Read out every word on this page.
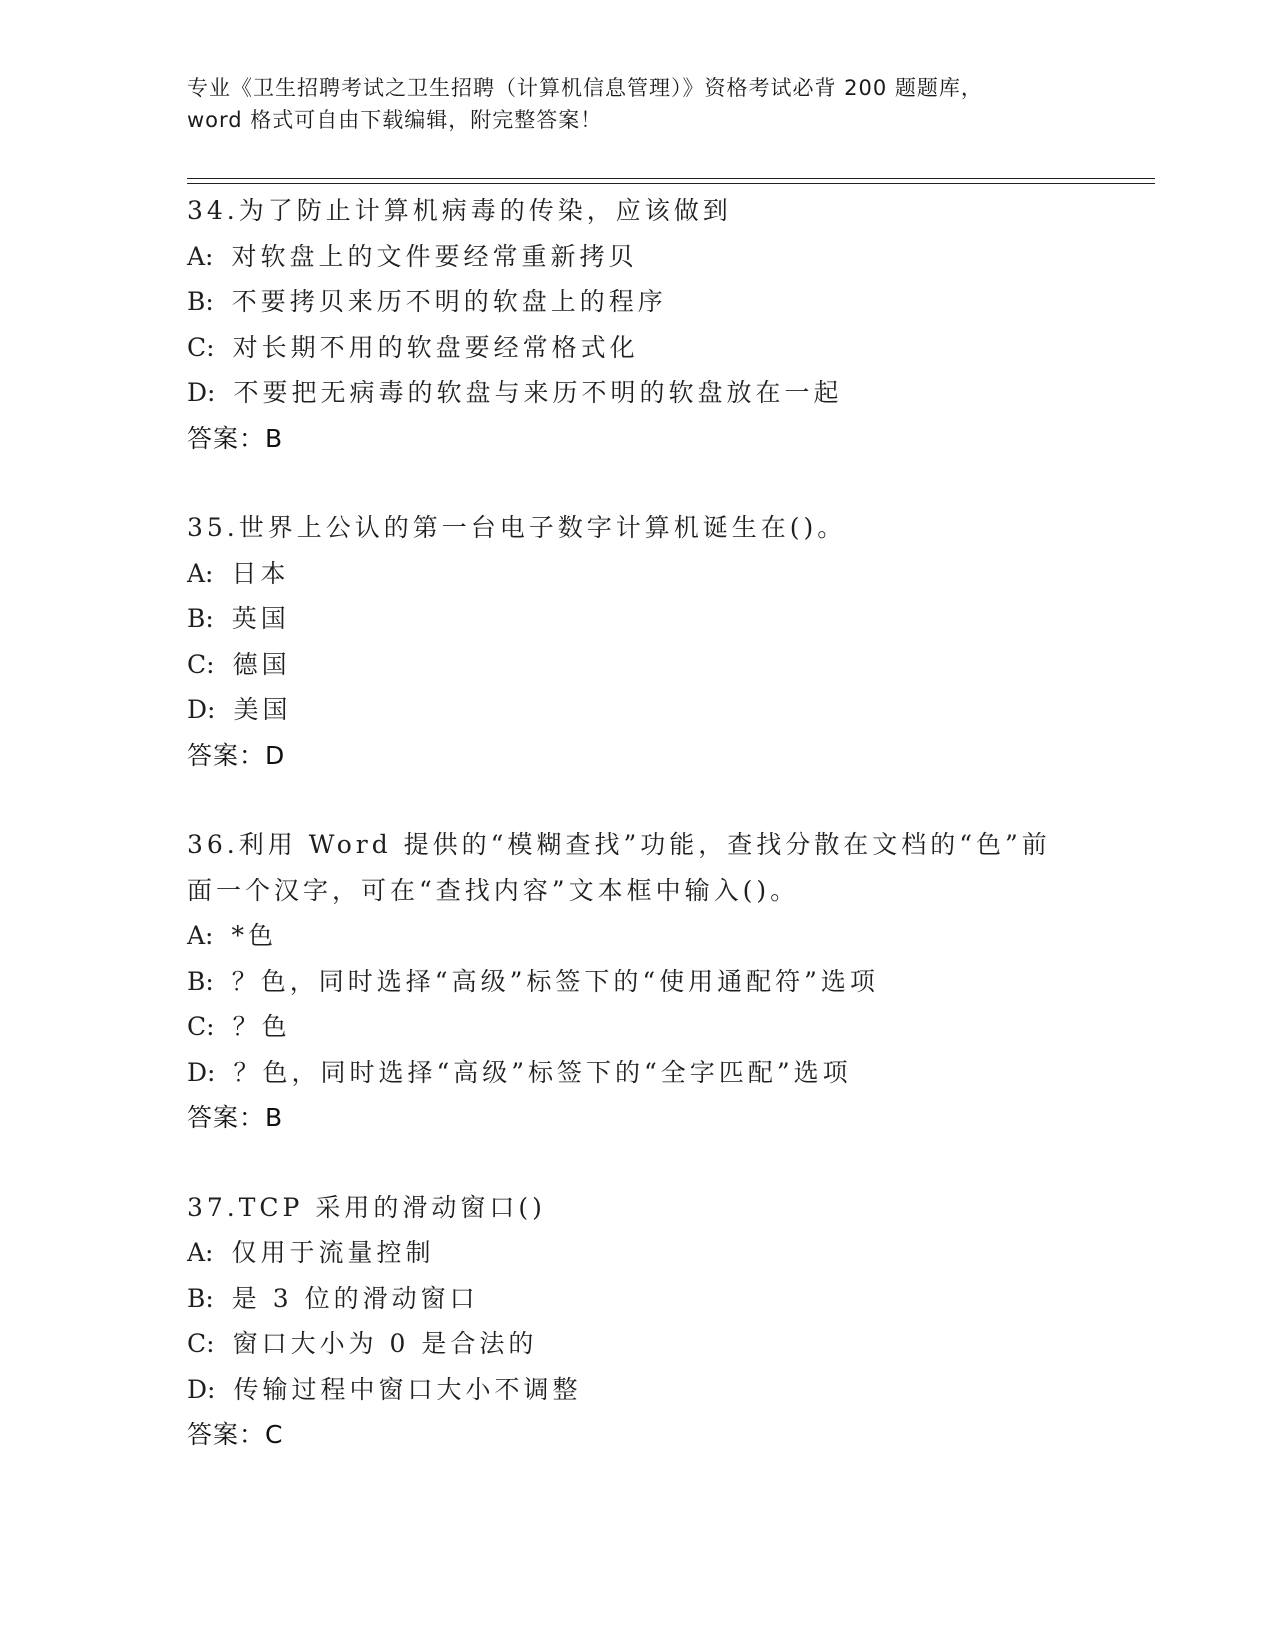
专业《卫生招聘考试之卫生招聘（计算机信息管理）》资格考试必背 200 题题库，
word 格式可自由下载编辑，附完整答案！
34.为了防止计算机病毒的传染，应该做到
A: 对软盘上的文件要经常重新拷贝
B: 不要拷贝来历不明的软盘上的程序
C: 对长期不用的软盘要经常格式化
D: 不要把无病毒的软盘与来历不明的软盘放在一起
答案：B
35.世界上公认的第一台电子数字计算机诞生在()。
A: 日本
B: 英国
C: 德国
D: 美国
答案：D
36.利用 Word 提供的“模糊查找”功能，查找分散在文档的“色”前
面一个汉字，可在“查找内容”文本框中输入()。
A: *色
B: ？色，同时选择“高级”标签下的“使用通配符”选项
C: ？色
D: ？色，同时选择“高级”标签下的“全字匹配”选项
答案：B
37.TCP 采用的滑动窗口()
A: 仅用于流量控制
B: 是 3 位的滑动窗口
C: 窗口大小为 0 是合法的
D: 传输过程中窗口大小不调整
答案：C
